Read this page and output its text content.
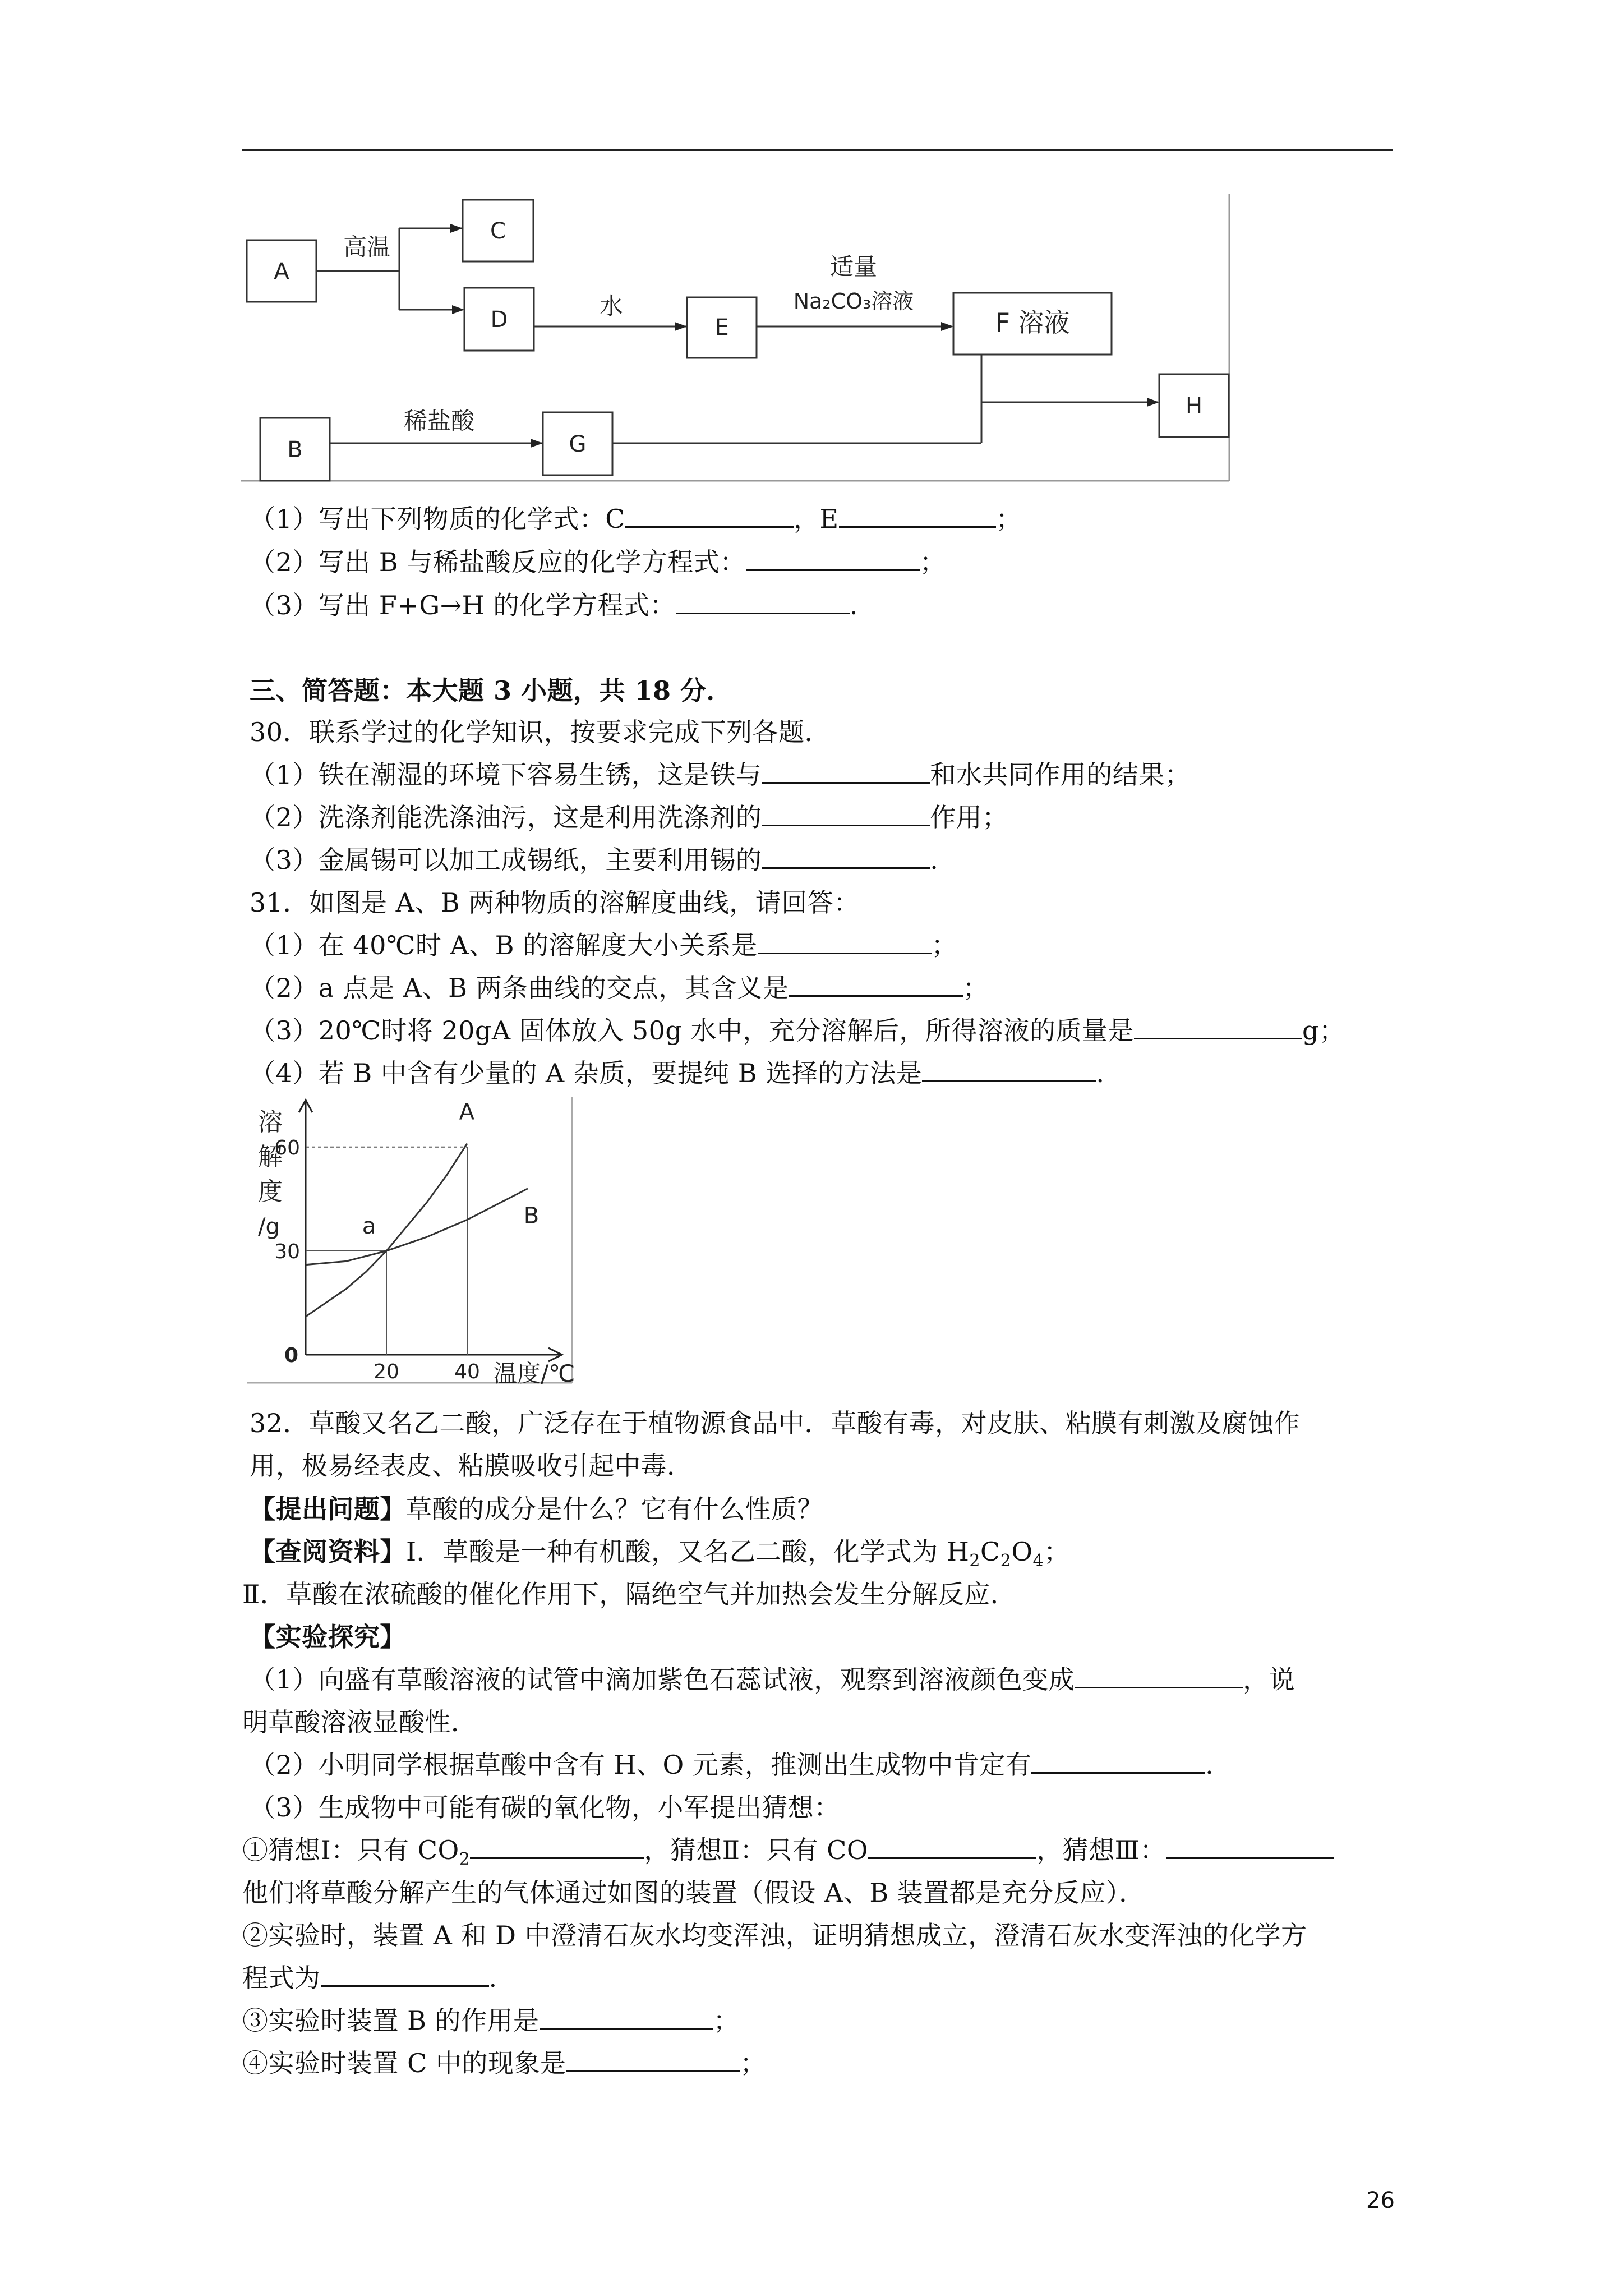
A
C
D	E	F 溶液
H
B	G
高温
水
适量
Na₂CO₃溶液
稀盐酸
（1）写出下列物质的化学式：C	，E	；
（2）写出 B 与稀盐酸反应的化学方程式：	；
（3）写出 F+G→H 的化学方程式：	.
三、简答题：本大题 3 小题，共 18 分．
30．联系学过的化学知识，按要求完成下列各题．
（1）铁在潮湿的环境下容易生锈，这是铁与	和水共同作用的结果；
（2）洗涤剂能洗涤油污，这是利用洗涤剂的	作用；
（3）金属锡可以加工成锡纸，主要利用锡的	.
31．如图是 A、B 两种物质的溶解度曲线，请回答：
（1）在 40℃时 A、B 的溶解度大小关系是	；
（2）a 点是 A、B 两条曲线的交点，其含义是	；
（3）20℃时将 20gA 固体放入 50g 水中，充分溶解后，所得溶液的质量是	g；
（4）若 B 中含有少量的 A 杂质，要提纯 B 选择的方法是	.
A
B
a
60
30
20	40
溶
解
度
/g
温度/℃
0
32．草酸又名乙二酸，广泛存在于植物源食品中．草酸有毒，对皮肤、粘膜有刺激及腐蚀作
用，极易经表皮、粘膜吸收引起中毒．
【提出问题】草酸的成分是什么？它有什么性质？
【查阅资料】Ⅰ．草酸是一种有机酸，又名乙二酸，化学式为 $H_2C_2O_4$；
Ⅱ．草酸在浓硫酸的催化作用下，隔绝空气并加热会发生分解反应．
【实验探究】
（1）向盛有草酸溶液的试管中滴加紫色石蕊试液，观察到溶液颜色变成	，说
明草酸溶液显酸性．
（2）小明同学根据草酸中含有 H、O 元素，推测出生成物中肯定有	．
（3）生成物中可能有碳的氧化物，小军提出猜想：
①猜想Ⅰ：只有 $CO_2$	，猜想Ⅱ：只有 CO	，猜想Ⅲ：
他们将草酸分解产生的气体通过如图的装置（假设 A、B 装置都是充分反应）．
②实验时，装置 A 和 D 中澄清石灰水均变浑浊，证明猜想成立，澄清石灰水变浑浊的化学方
程式为	.
③实验时装置 B 的作用是	；
④实验时装置 C 中的现象是	；
26
